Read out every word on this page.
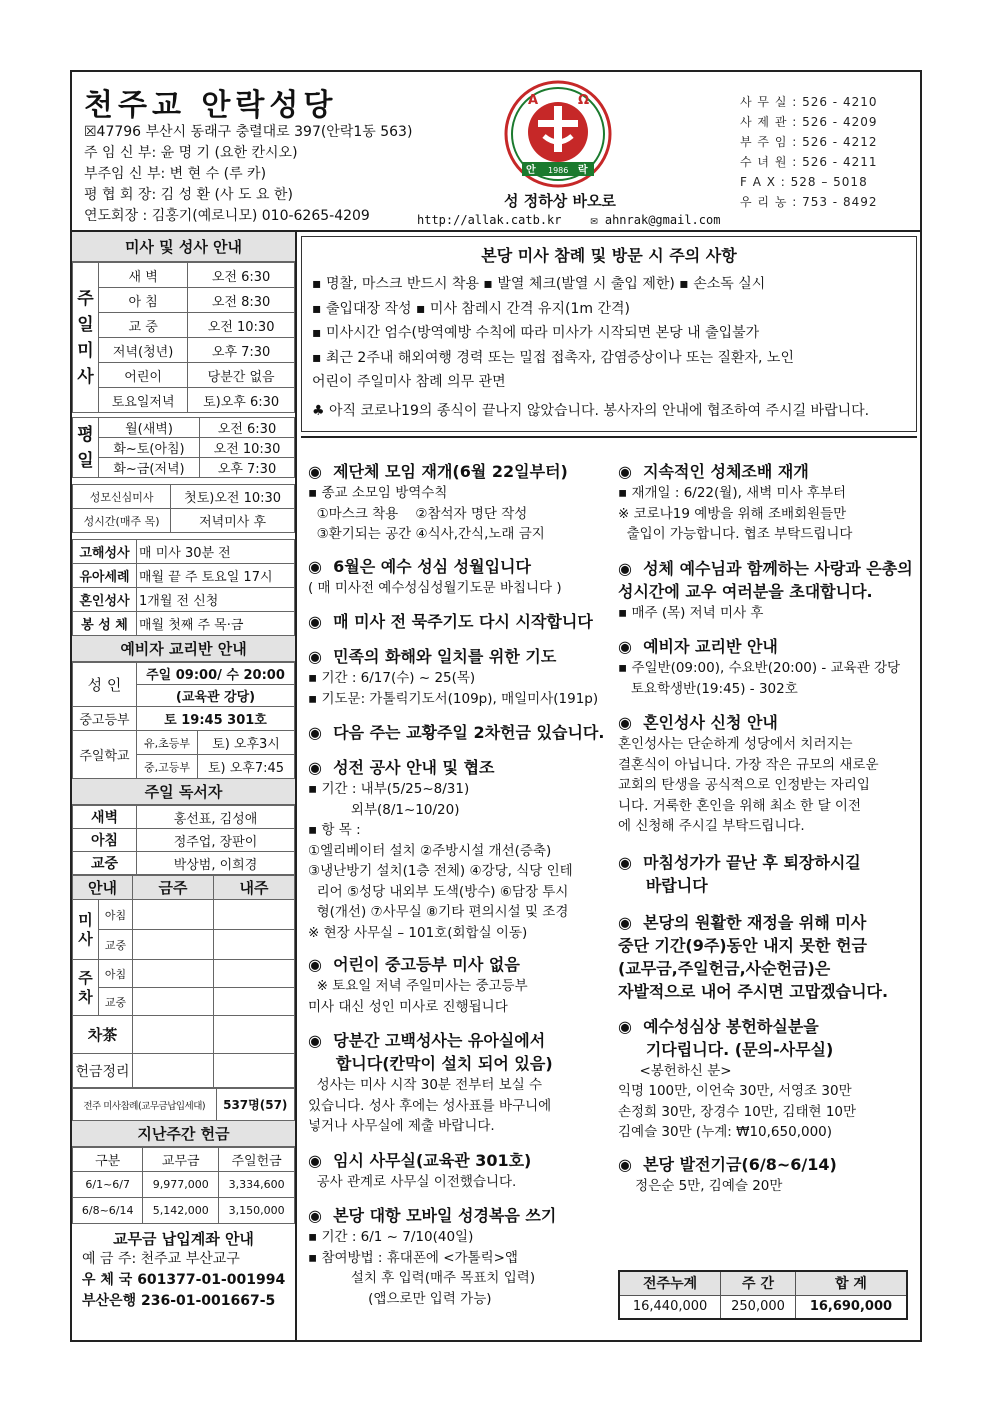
천주교 안락성당
☒47796 부산시 동래구 충렬대로 397(안락1동 563)
주 임 신 부: 윤 명 기 (요한 칸시오)
부주임 신 부: 변 현 수 (루 카)
평 협 회 장: 김 성 환 (사 도 요 한)
연도회장 : 김홍기(예로니모) 010-6265-4209
A	Ω
안 1986 락
성 정하상 바오로
http://allak.catb.kr ✉ ahnrak@gmail.com
사 무 실 : 526 - 4210
사 제 관 : 526 - 4209
부 주 임 : 526 - 4212
수 녀 원 : 526 - 4211
F A X : 528 – 5018
우 리 농 : 753 - 8492
미사 및 성사 안내
주
일
미
사	새 벽	오전 6:30
	아 침	오전 8:30
	교 중	오전 10:30
	저녁(청년)	오후 7:30
	어린이	당분간 없음
	토요일저녁	토)오후 6:30
평
일	월(새벽)	오전 6:30
	화~토(아침)	오전 10:30
	화~금(저녁)	오후 7:30
성모신심미사	첫토)오전 10:30
성시간(매주 목)	저녁미사 후
고해성사	매 미사 30분 전
유아세례	매월 끝 주 토요일 17시
혼인성사	1개월 전 신청
봉 성 체	매월 첫째 주 목·금
예비자 교리반 안내
성 인	주일 09:00/ 수 20:00	
	(교육관 강당)	
중고등부	토 19:45 301호	
주일학교	유,초등부	토) 오후3시
	중,고등부	토) 오후7:45
주일 독서자
새벽	홍선표, 김성애
아침	정주업, 장판이
교중	박상범, 이희경
안내		금주	내주
미
사	아침		
	교중		
주
차	아침		
	교중		
차茶			
헌금정리			
전주 미사참례(교무금납입세대)	537명(57)
지난주간 헌금
구분	교무금	주일헌금
6/1~6/7	9,977,000	3,334,600
6/8~6/14	5,142,000	3,150,000
교무금 납입계좌 안내
예 금 주: 천주교 부산교구
우 체 국 601377-01-001994
부산은행 236-01-001667-5
본당 미사 참례 및 방문 시 주의 사항
▪ 명찰, 마스크 반드시 착용 ▪ 발열 체크(발열 시 출입 제한) ▪ 손소독 실시
▪ 출입대장 작성 ▪ 미사 참레시 간격 유지(1m 간격)
▪ 미사시간 엄수(방역예방 수칙에 따라 미사가 시작되면 본당 내 출입불가
▪ 최근 2주내 해외여행 경력 또는 밀접 접촉자, 감염증상이나 또는 질환자, 노인
어린이 주일미사 참례 의무 관면
♣ 아직 코로나19의 종식이 끝나지 않았습니다. 봉사자의 안내에 협조하여 주시길 바랍니다.
◉  제단체 모임 재개(6월 22일부터)
▪ 종교 소모임 방역수칙
①마스크 착용    ②참석자 명단 작성
③환기되는 공간 ④식사,간식,노래 금지
◉  6월은 예수 성심 성월입니다
( 매 미사전 예수성심성월기도문 바칩니다 )
◉  매 미사 전 묵주기도 다시 시작합니다
◉  민족의 화해와 일치를 위한 기도
▪ 기간 : 6/17(수) ~ 25(목)
▪ 기도문: 가톨릭기도서(109p), 매일미사(191p)
◉  다음 주는 교황주일 2차헌금 있습니다.
◉  성전 공사 안내 및 협조
▪ 기간 : 내부(5/25~8/31)
외부(8/1~10/20)
▪ 항 목 :
①엘리베이터 설치 ②주방시설 개선(증축)
③냉난방기 설치(1층 전체) ④강당, 식당 인테
리어 ⑤성당 내외부 도색(방수) ⑥담장 투시
형(개선) ⑦사무실 ⑧기타 편의시설 및 조경
※ 현장 사무실 – 101호(회합실 이동)
◉  어린이 중고등부 미사 없음
※ 토요일 저녁 주일미사는 중고등부
미사 대신 성인 미사로 진행됩니다
◉  당분간 고백성사는 유아실에서
합니다(칸막이 설치 되어 있음)
성사는 미사 시작 30분 전부터 보실 수
있습니다. 성사 후에는 성사표를 바구니에
넣거나 사무실에 제출 바랍니다.
◉  임시 사무실(교육관 301호)
공사 관계로 사무실 이전했습니다.
◉  본당 대항 모바일 성경복음 쓰기
▪ 기간 : 6/1 ~ 7/10(40일)
▪ 참여방법 : 휴대폰에 <가톨릭>앱
설치 후 입력(매주 목표치 입력)
(앱으로만 입력 가능)
◉  지속적인 성체조배 재개
▪ 재개일 : 6/22(월), 새벽 미사 후부터
※ 코로나19 예방을 위해 조배회원들만
출입이 가능합니다. 협조 부탁드립니다
◉  성체 예수님과 함께하는 사랑과 은총의
성시간에 교우 여러분을 초대합니다.
▪ 매주 (목) 저녁 미사 후
◉  예비자 교리반 안내
▪ 주일반(09:00), 수요반(20:00) - 교육관 강당
토요학생반(19:45) - 302호
◉  혼인성사 신청 안내
혼인성사는 단순하게 성당에서 치러지는
결혼식이 아닙니다. 가장 작은 규모의 새로운
교회의 탄생을 공식적으로 인정받는 자리입
니다. 거룩한 혼인을 위해 최소 한 달 이전
에 신청해 주시길 부탁드립니다.
◉  마침성가가 끝난 후 퇴장하시길
바랍니다
◉  본당의 원활한 재정을 위해 미사
중단 기간(9주)동안 내지 못한 헌금
(교무금,주일헌금,사순헌금)은
자발적으로 내어 주시면 고맙겠습니다.
◉  예수성심상 봉헌하실분을
기다립니다. (문의-사무실)
<봉헌하신 분>
익명 100만, 이언숙 30만, 서영조 30만
손정희 30만, 장경수 10만, 김태현 10만
김예슬 30만 (누계: ₩10,650,000)
◉  본당 발전기금(6/8~6/14)
정은순 5만, 김예슬 20만
전주누계	주 간	합 계
16,440,000	250,000	16,690,000
